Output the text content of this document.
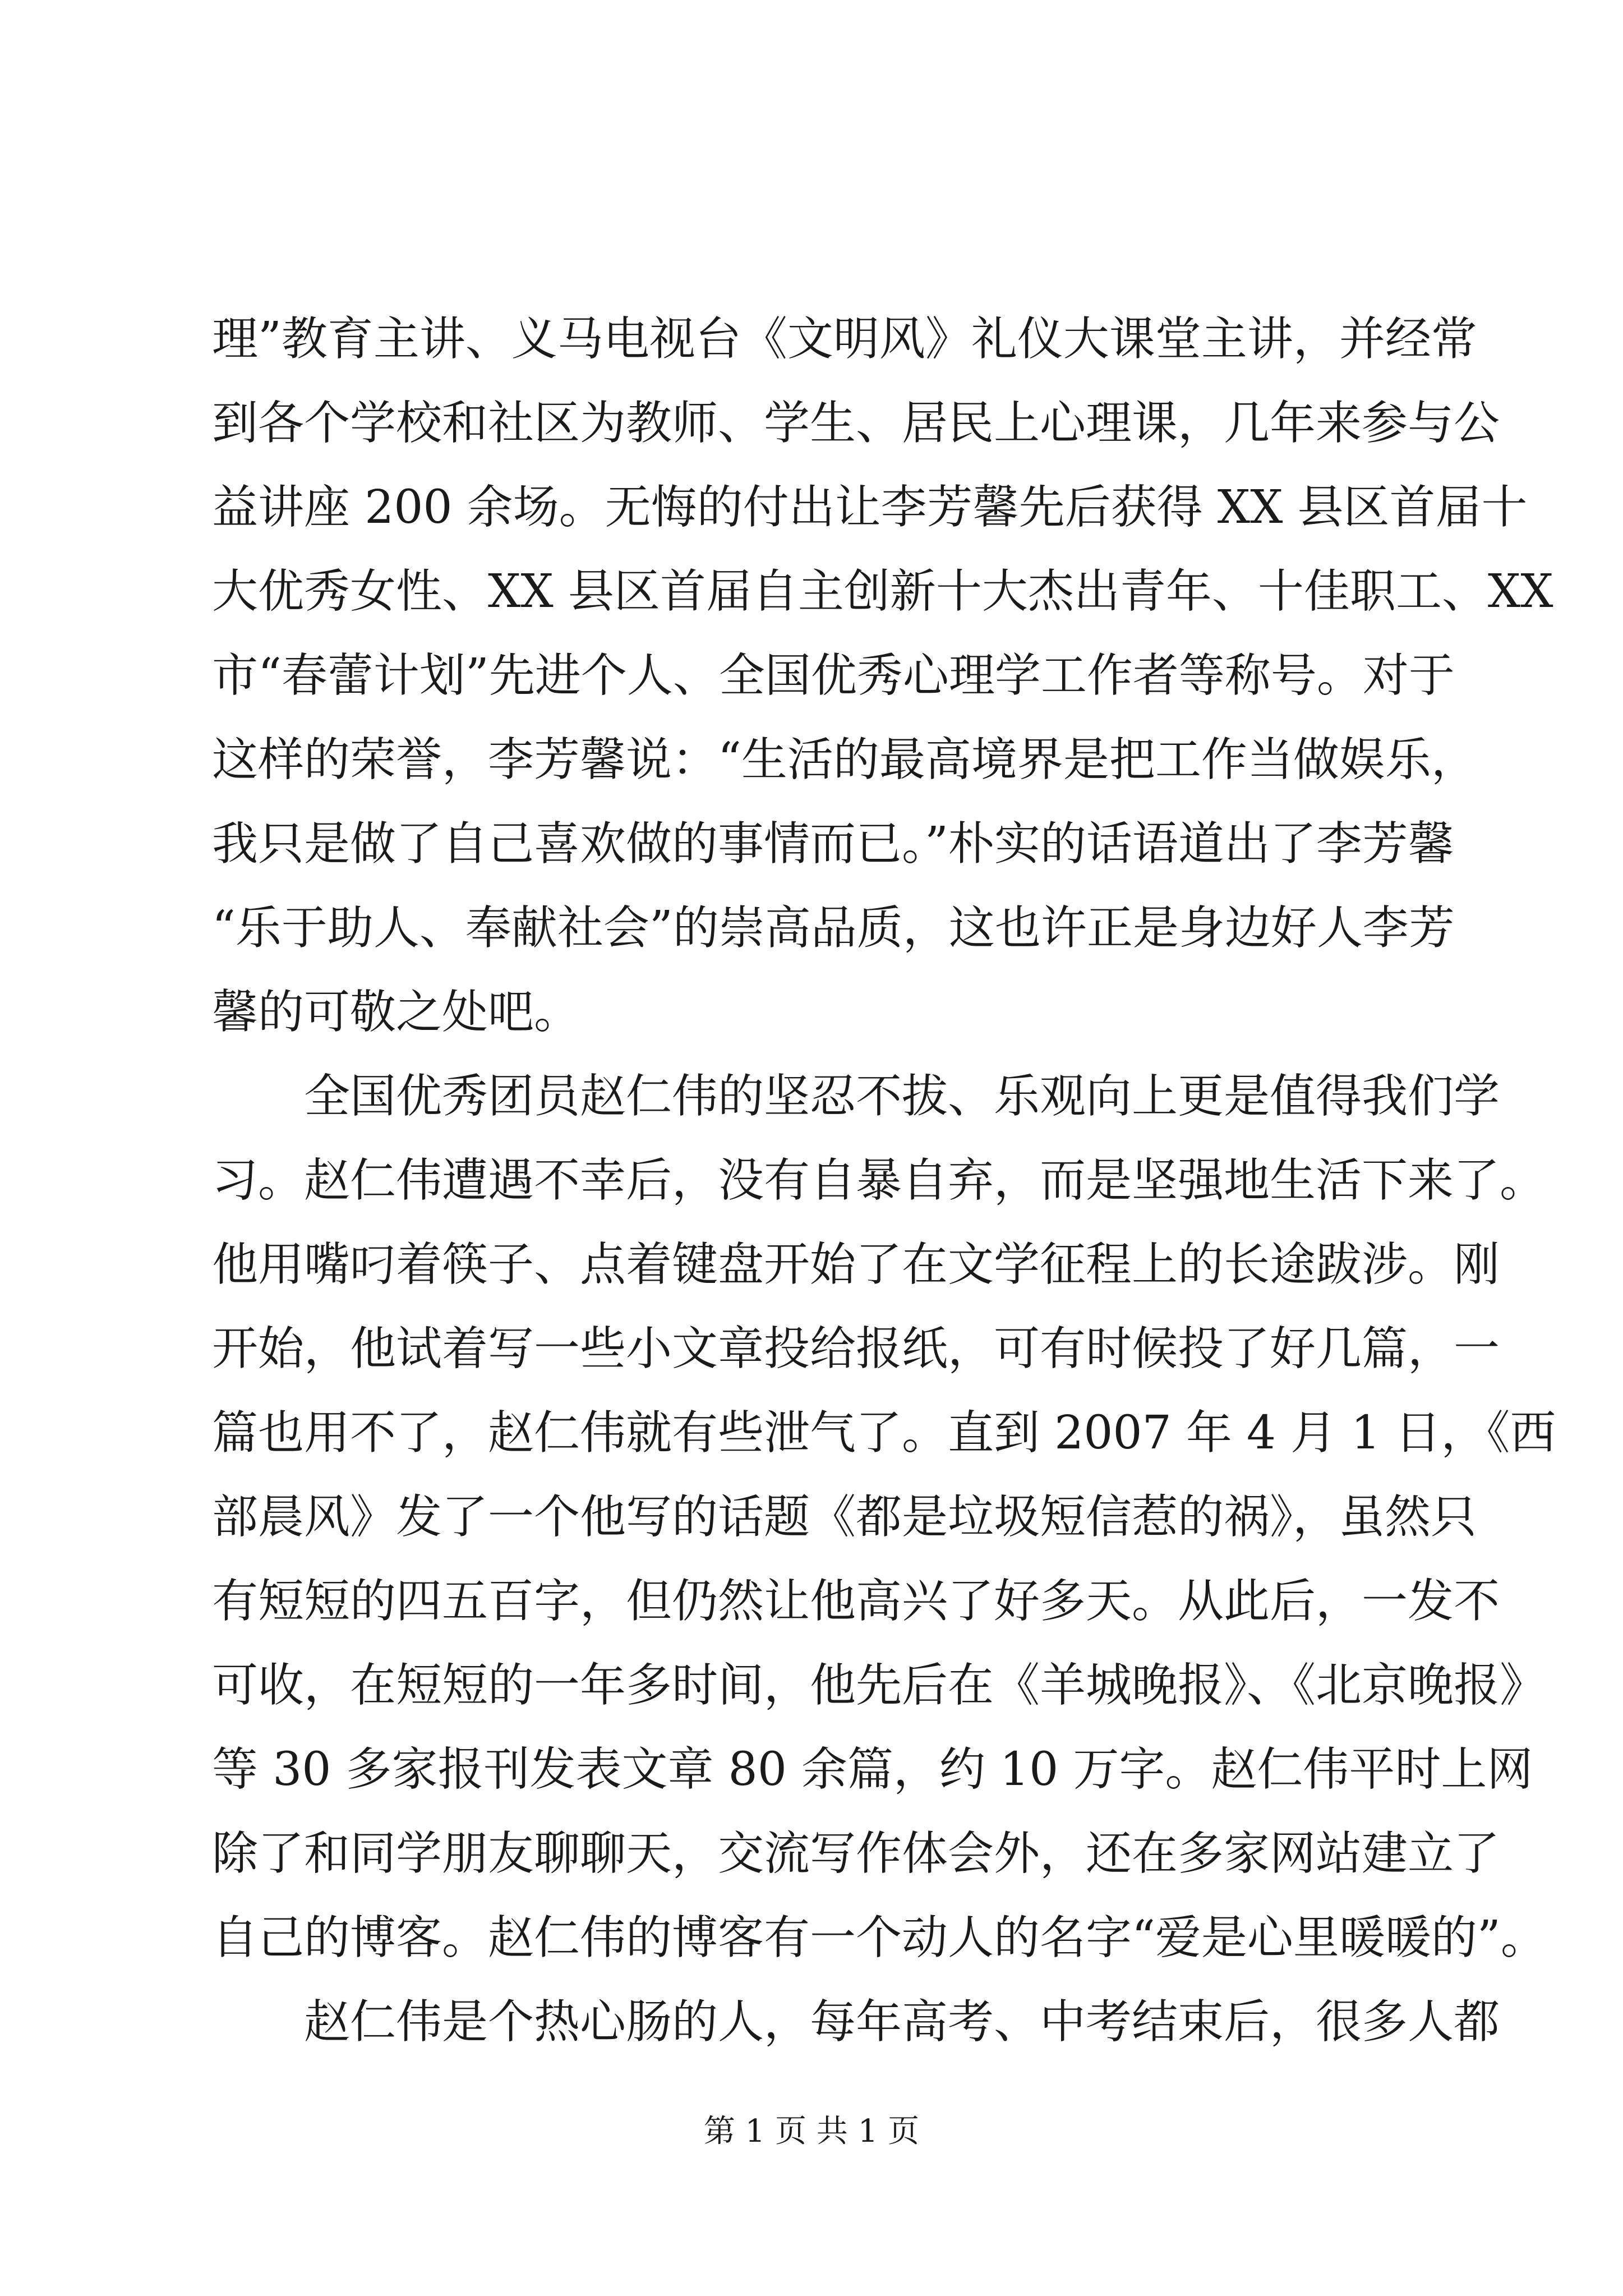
理”教育主讲、义马电视台《文明风》礼仪大课堂主讲，并经常
到各个学校和社区为教师、学生、居民上心理课，几年来参与公
益讲座 200 余场。无悔的付出让李芳馨先后获得 XX 县区首届十
大优秀女性、XX 县区首届自主创新十大杰出青年、十佳职工、XX
市“春蕾计划”先进个人、全国优秀心理学工作者等称号。对于
这样的荣誉，李芳馨说：“生活的最高境界是把工作当做娱乐，
我只是做了自己喜欢做的事情而已。”朴实的话语道出了李芳馨
“乐于助人、奉献社会”的崇高品质，这也许正是身边好人李芳
馨的可敬之处吧。
全国优秀团员赵仁伟的坚忍不拔、乐观向上更是值得我们学
习。赵仁伟遭遇不幸后，没有自暴自弃，而是坚强地生活下来了。
他用嘴叼着筷子、点着键盘开始了在文学征程上的长途跋涉。刚
开始，他试着写一些小文章投给报纸，可有时候投了好几篇，一
篇也用不了，赵仁伟就有些泄气了。直到 2007 年 4 月 1 日，《西
部晨风》发了一个他写的话题《都是垃圾短信惹的祸》，虽然只
有短短的四五百字，但仍然让他高兴了好多天。从此后，一发不
可收，在短短的一年多时间，他先后在《羊城晚报》、《北京晚报》
等 30 多家报刊发表文章 80 余篇，约 10 万字。赵仁伟平时上网
除了和同学朋友聊聊天，交流写作体会外，还在多家网站建立了
自己的博客。赵仁伟的博客有一个动人的名字“爱是心里暖暖的”。
赵仁伟是个热心肠的人，每年高考、中考结束后，很多人都
第 1 页 共 1 页
